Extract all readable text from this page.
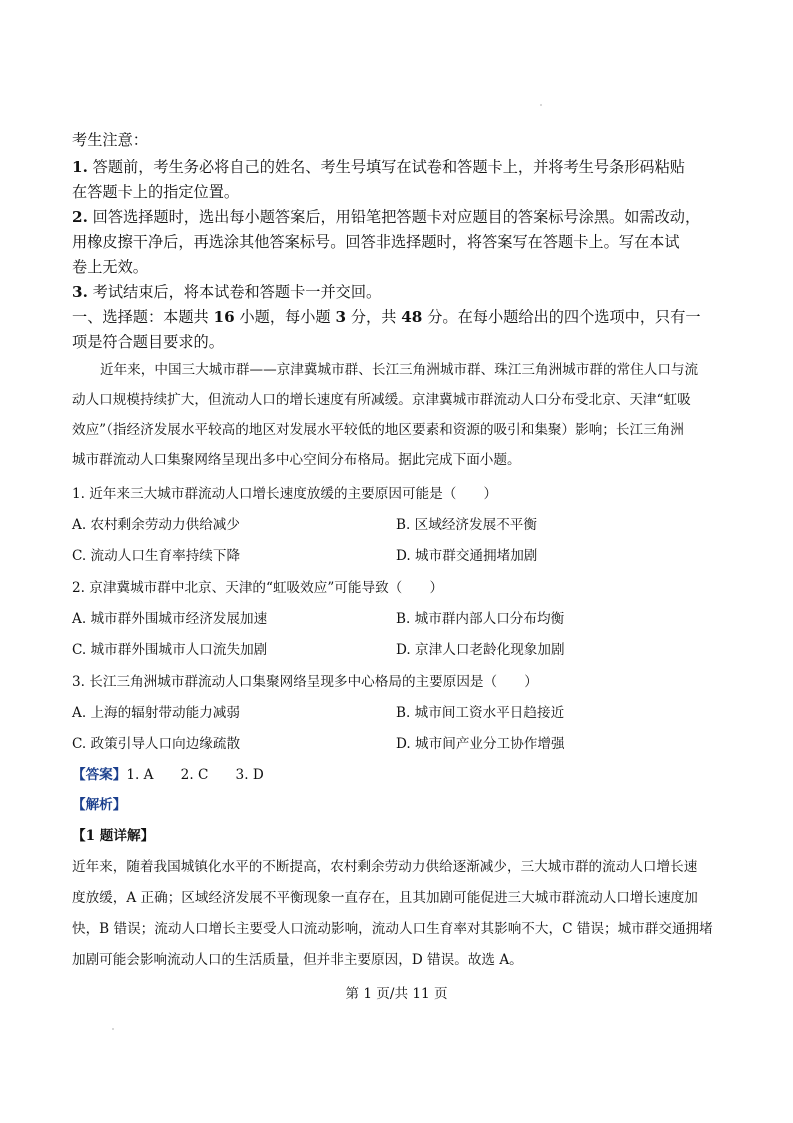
考生注意：
1. 答题前，考生务必将自己的姓名、考生号填写在试卷和答题卡上，并将考生号条形码粘贴
在答题卡上的指定位置。
2. 回答选择题时，选出每小题答案后，用铅笔把答题卡对应题目的答案标号涂黑。如需改动，
用橡皮擦干净后，再选涂其他答案标号。回答非选择题时，将答案写在答题卡上。写在本试
卷上无效。
3. 考试结束后，将本试卷和答题卡一并交回。
一、选择题：本题共 16 小题，每小题 3 分，共 48 分。在每小题给出的四个选项中，只有一
项是符合题目要求的。
近年来，中国三大城市群——京津冀城市群、长江三角洲城市群、珠江三角洲城市群的常住人口与流
动人口规模持续扩大，但流动人口的增长速度有所减缓。京津冀城市群流动人口分布受北京、天津“虹吸
效应”（指经济发展水平较高的地区对发展水平较低的地区要素和资源的吸引和集聚）影响；长江三角洲
城市群流动人口集聚网络呈现出多中心空间分布格局。据此完成下面小题。
1. 近年来三大城市群流动人口增长速度放缓的主要原因可能是（　　）
A. 农村剩余劳动力供给减少	B. 区域经济发展不平衡
C. 流动人口生育率持续下降	D. 城市群交通拥堵加剧
2. 京津冀城市群中北京、天津的“虹吸效应”可能导致（　　）
A. 城市群外围城市经济发展加速	B. 城市群内部人口分布均衡
C. 城市群外围城市人口流失加剧	D. 京津人口老龄化现象加剧
3. 长江三角洲城市群流动人口集聚网络呈现多中心格局的主要原因是（　　）
A. 上海的辐射带动能力减弱	B. 城市间工资水平日趋接近
C. 政策引导人口向边缘疏散	D. 城市间产业分工协作增强
【答案】1. A　　2. C　　3. D
【解析】
【1 题详解】
近年来，随着我国城镇化水平的不断提高，农村剩余劳动力供给逐渐减少，三大城市群的流动人口增长速
度放缓，A 正确；区域经济发展不平衡现象一直存在，且其加剧可能促进三大城市群流动人口增长速度加
快，B 错误；流动人口增长主要受人口流动影响，流动人口生育率对其影响不大，C 错误；城市群交通拥堵
加剧可能会影响流动人口的生活质量，但并非主要原因，D 错误。故选 A。
第 1 页/共 11 页
